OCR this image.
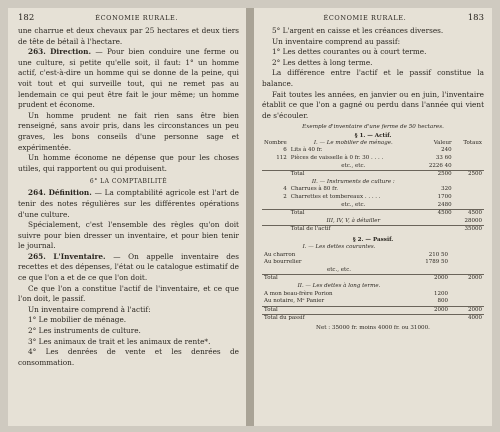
182	ÉCONOMIE RURALE.

une charrue et deux chevaux par 25 hectares et deux tiers de tête de bétail à l'hectare.

263. Direction. — Pour bien conduire une ferme ou une culture, si petite qu'elle soit, il faut: 1° un homme actif, c'est-à-dire un homme qui se donne de la peine, qui voit tout et qui surveille tout, qui ne remet pas au lendemain ce qui peut être fait le jour même; un homme prudent et économe.

Un homme prudent ne fait rien sans être bien renseigné, sans avoir pris, dans les circonstances un peu graves, les bons conseils d'une personne sage et expérimentée.

Un homme économe ne dépense que pour les choses utiles, qui rapportent ou qui produisent.

6° LA COMPTABILITÉ

264. Définition. — La comptabilité agricole est l'art de tenir des notes régulières sur les différentes opérations d'une culture.

Spécialement, c'est l'ensemble des règles qu'on doit suivre pour bien dresser un inventaire, et pour bien tenir le journal.

265. L'Inventaire. — On appelle inventaire des recettes et des dépenses, l'état ou le catalogue estimatif de ce que l'on a et de ce que l'on doit.

Ce que l'on a constitue l'actif de l'inventaire, et ce que l'on doit, le passif.

Un inventaire comprend à l'actif:

1° Le mobilier de ménage.

2° Les instruments de culture.

3° Les animaux de trait et les animaux de rente*.

4° Les denrées de vente et les denrées de consommation.

ÉCONOMIE RURALE.	183

5° L'argent en caisse et les créances diverses.

Un inventaire comprend au passif:

1° Les dettes courantes ou à court terme.

2° Les dettes à long terme.

La différence entre l'actif et le passif constitue la balance.

Fait toutes les années, en janvier ou en juin, l'inventaire établit ce que l'on a gagné ou perdu dans l'année qui vient de s'écouler.

Exemple d'inventaire d'une ferme de 50 hectares.

§ 1. — Actif.

Nombre	I. — Le mobilier de ménage.	Valeur	Totaux
6	Lits à 40 fr.	240	
112	Pièces de vaisselle à 0 fr. 30 . . . .	33 60	
	etc., etc.	2226 40	
	Total	2500	2500
	II. — Instruments de culture :		
4	Charrues à 80 fr.	320	
2	Charrettes et tombereaux . . . . .	1700	
	etc., etc.	2480	
	Total	4500	4500
	III, IV, V, à détailler		28000
	Total de l'actif		35000

§ 2. — Passif.

I. — Les dettes courantes.		
Au charron	210 50	
Au bourrelier	1789 50	
etc., etc.		
Total	2000	2000
II. — Les dettes à long terme.		
A mon beau-frère Porion	1200	
Au notaire, Mᵉ Panier	800	
Total	2000	2000
Total du passif		4000

Net : 35000 fr. moins 4000 fr. ou 31000.
